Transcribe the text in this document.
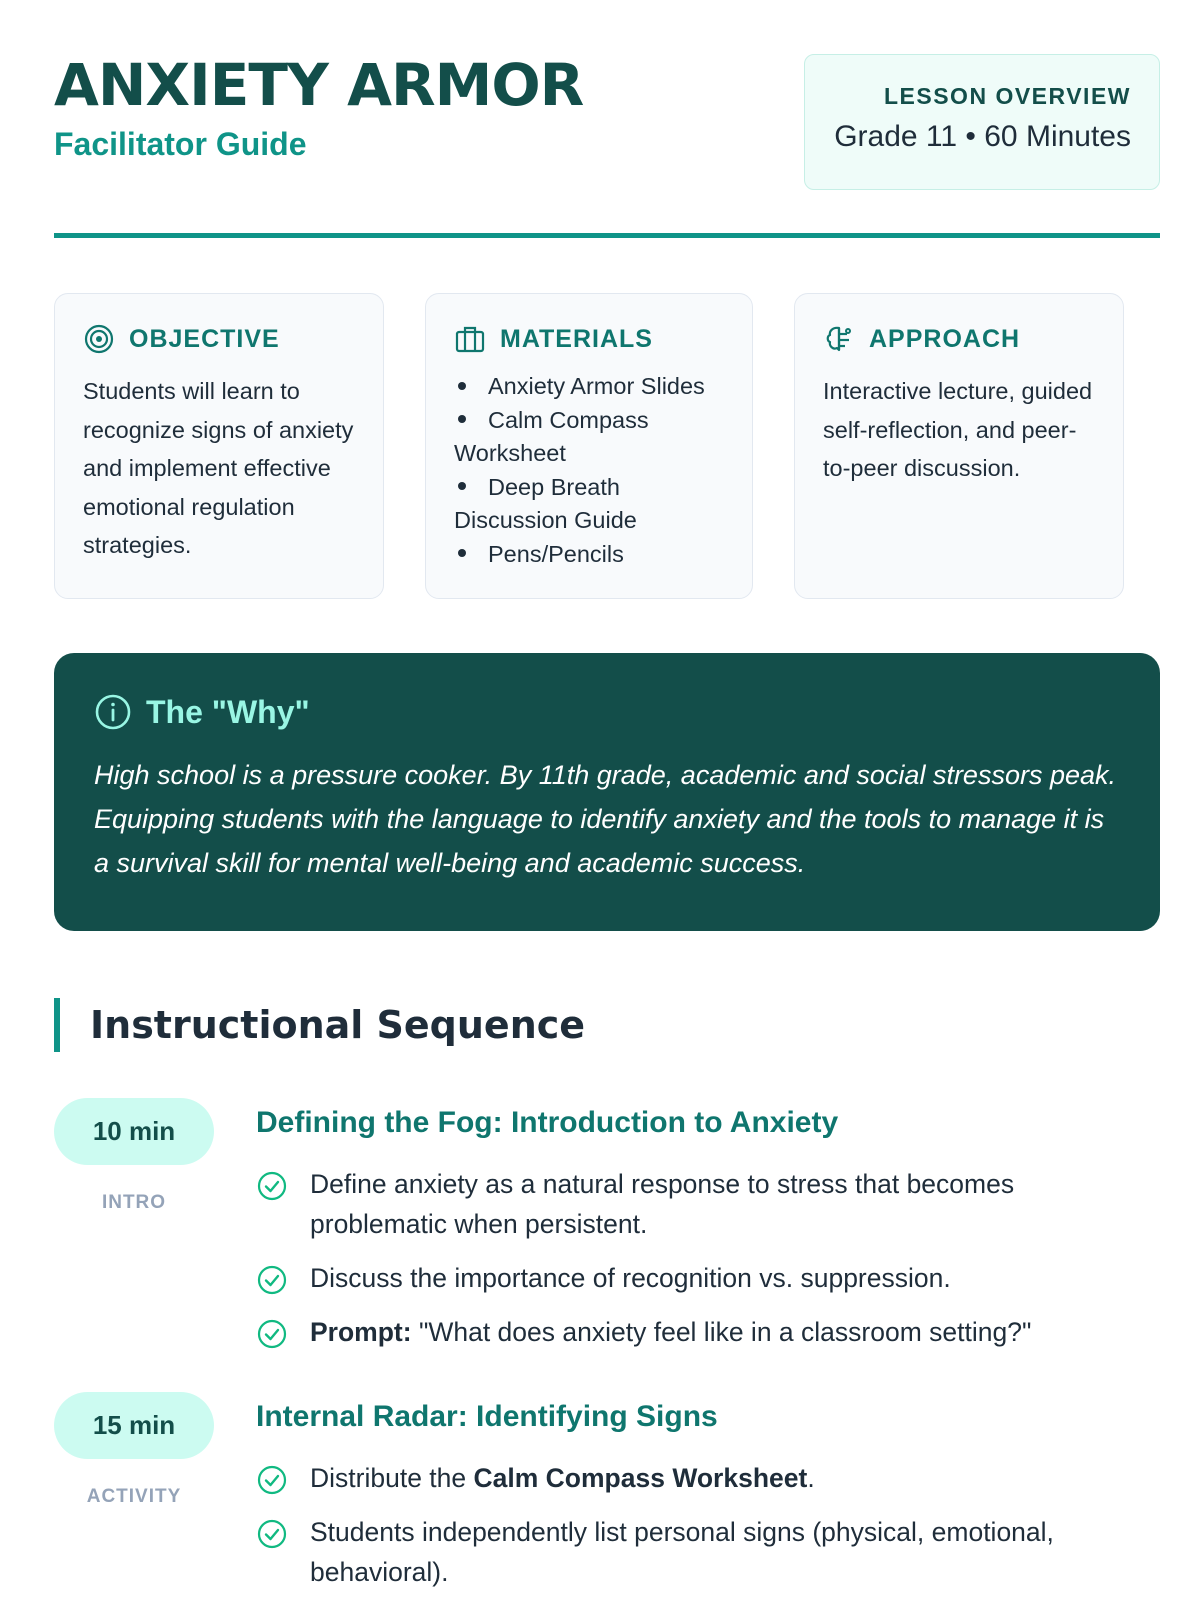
ANXIETY ARMOR
Facilitator Guide
LESSON OVERVIEW
Grade 11 • 60 Minutes
OBJECTIVE
Students will learn to recognize signs of anxiety and implement effective emotional regulation strategies.
MATERIALS
Anxiety Armor Slides
Calm Compass Worksheet
Deep Breath Discussion Guide
Pens/Pencils
APPROACH
Interactive lecture, guided self-reflection, and peer-to-peer discussion.
The "Why"
High school is a pressure cooker. By 11th grade, academic and social stressors peak. Equipping students with the language to identify anxiety and the tools to manage it is a survival skill for mental well-being and academic success.
Instructional Sequence
10 min
INTRO
Defining the Fog: Introduction to Anxiety
Define anxiety as a natural response to stress that becomes problematic when persistent.
Discuss the importance of recognition vs. suppression.
Prompt: "What does anxiety feel like in a classroom setting?"
15 min
ACTIVITY
Internal Radar: Identifying Signs
Distribute the Calm Compass Worksheet.
Students independently list personal signs (physical, emotional, behavioral).
